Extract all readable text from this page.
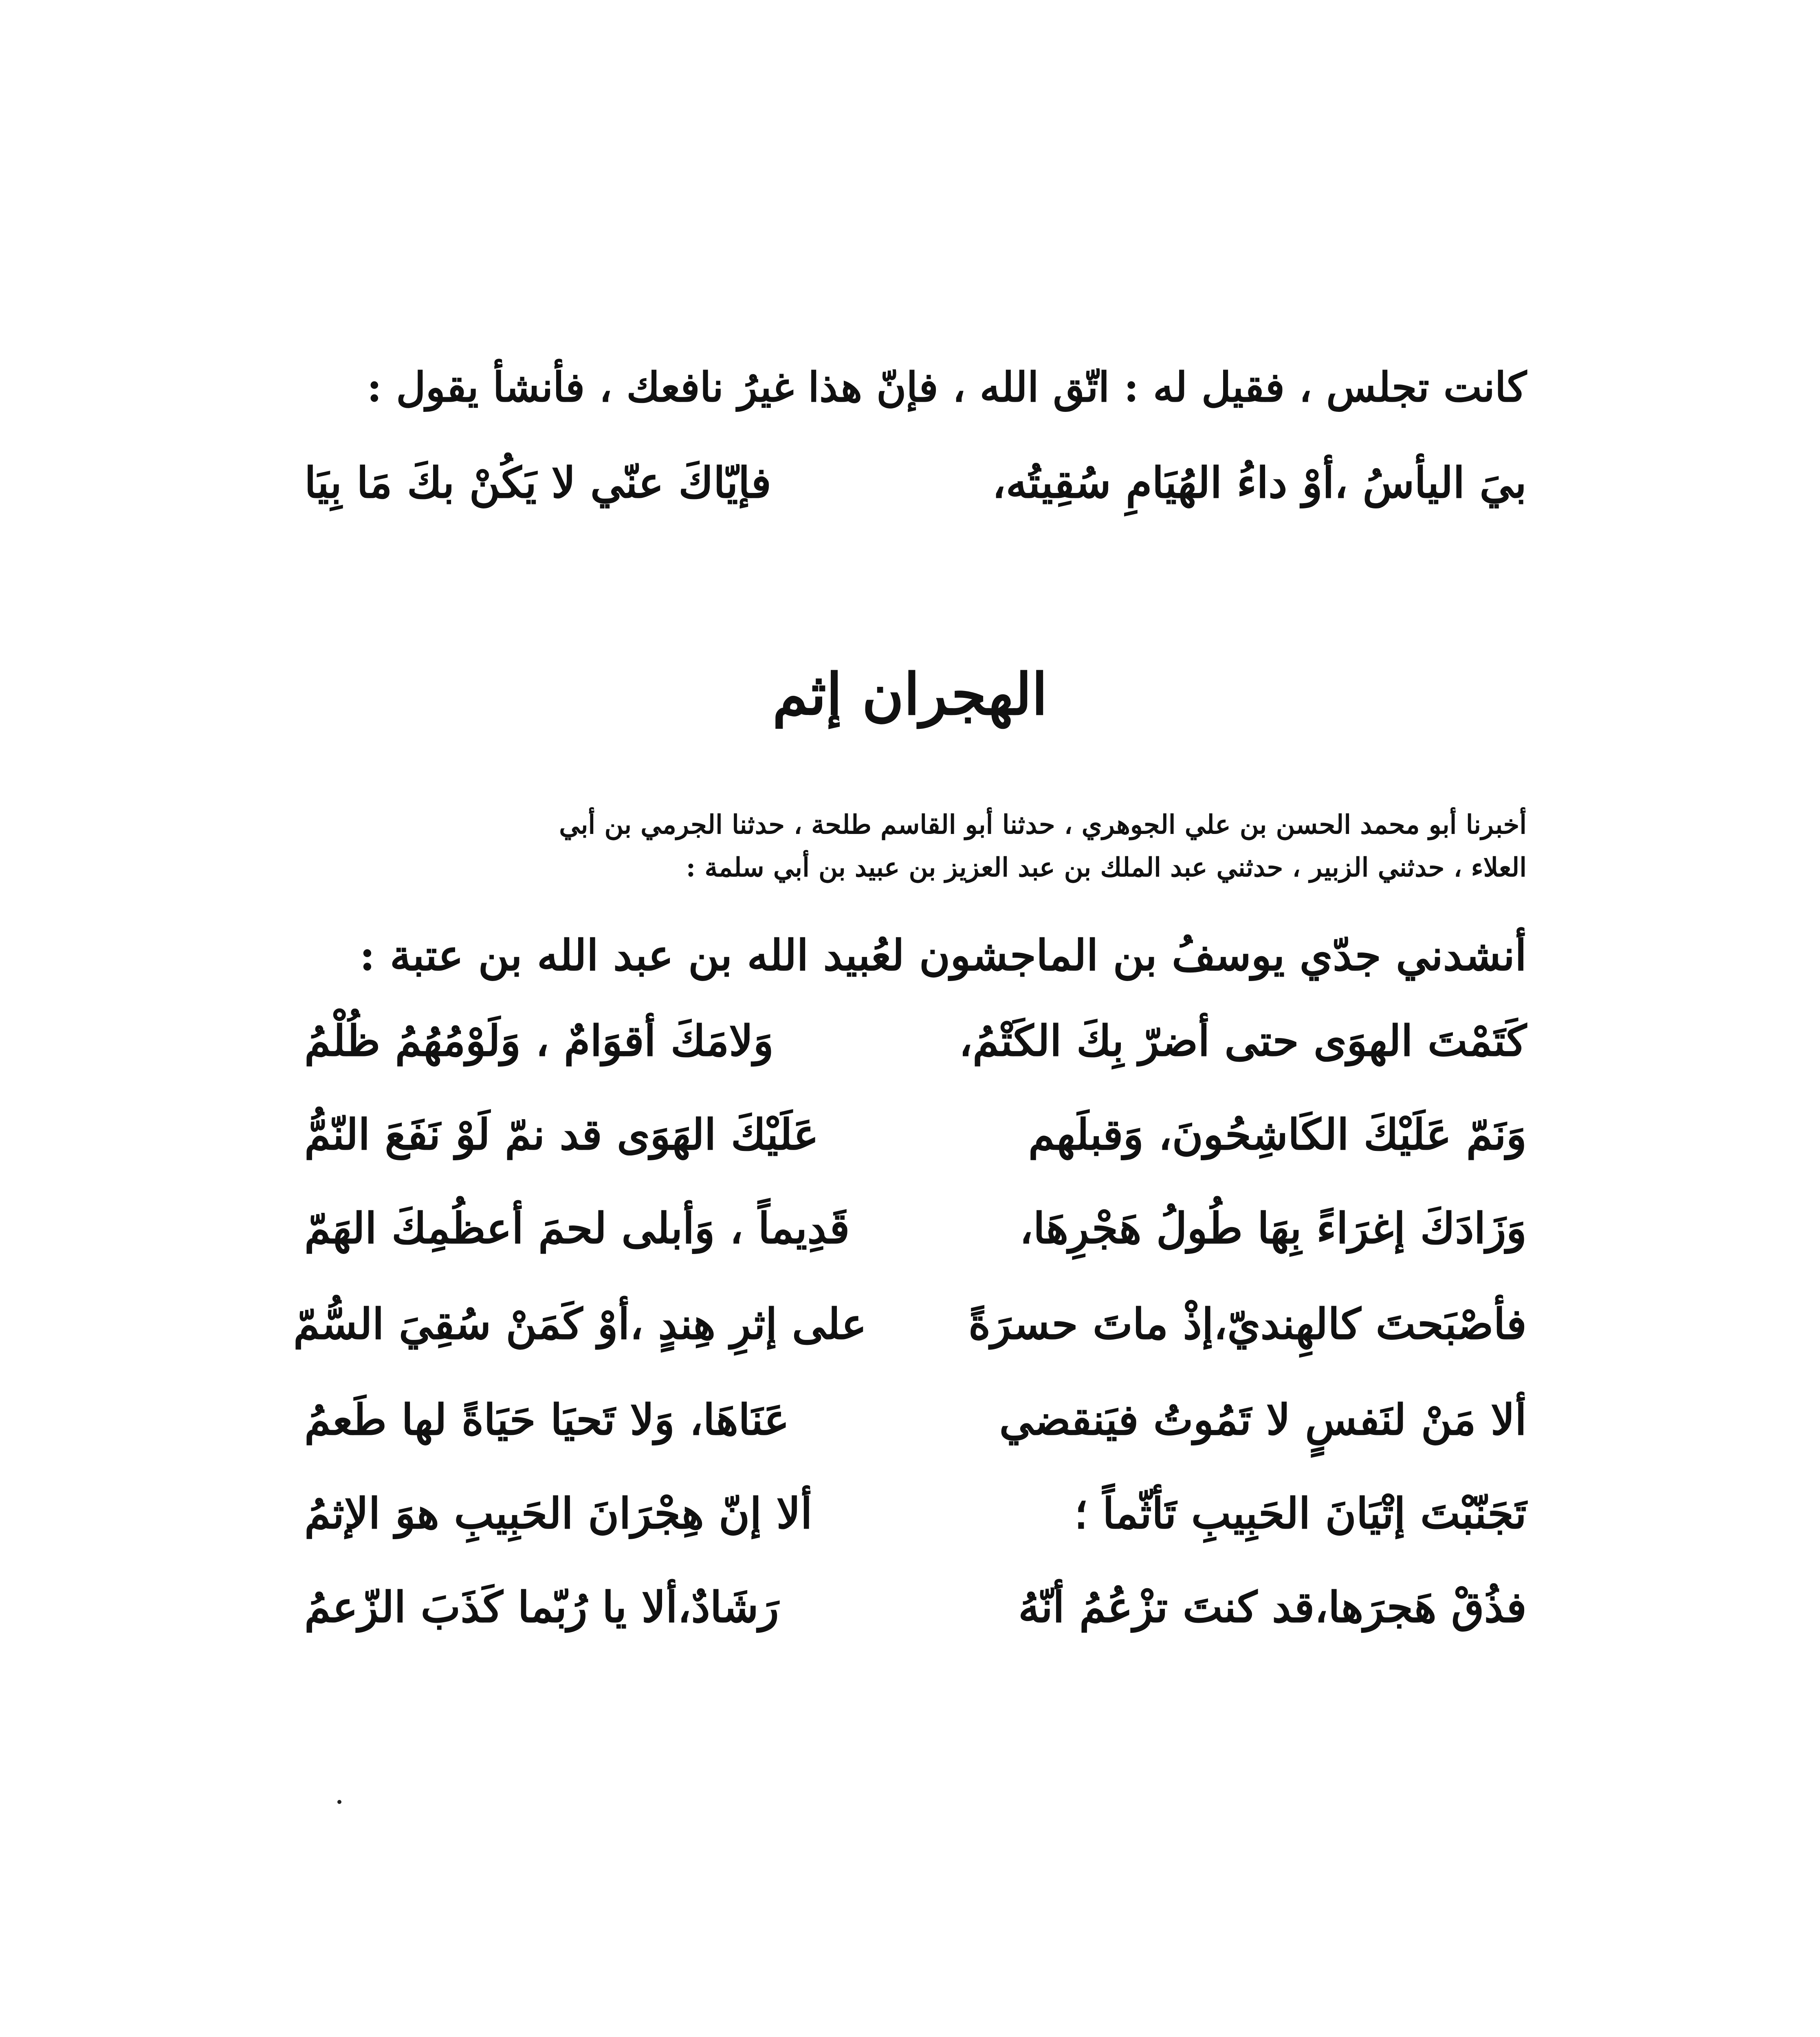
كانت تجلس ، فقيل له : اتّق الله ، فإنّ هذا غيرُ نافعك ، فأنشأ يقول :
بيَ اليأسُ ،أوْ داءُ الهُيَامِ سُقِيتُه،
فإيّاكَ عنّي لا يَكُنْ بكَ مَا بِيَا
الهجران إثم
أخبرنا أبو محمد الحسن بن علي الجوهري ، حدثنا أبو القاسم طلحة ، حدثنا الجرمي بن أبي
العلاء ، حدثني الزبير ، حدثني عبد الملك بن عبد العزيز بن عبيد بن أبي سلمة :
أنشدني جدّي يوسفُ بن الماجشون لعُبيد الله بن عبد الله بن عتبة :
كَتَمْتَ الهوَى حتى أضرّ بِكَ الكَتْمُ،
وَلامَكَ أقوَامٌ ، وَلَوْمُهُمُ ظُلْمُ
وَنَمّ عَلَيْكَ الكَاشِحُونَ، وَقبلَهم
عَلَيْكَ الهَوَى قد نمّ لَوْ نَفَعَ النّمُّ
وَزَادَكَ إغرَاءً بِهَا طُولُ هَجْرِهَا،
قَدِيماً ، وَأبلى لحمَ أعظُمِكَ الهَمّ
فأصْبَحتَ كالهِنديّ،إذْ ماتَ حسرَةً
على إثرِ هِندٍ ،أوْ كَمَنْ سُقِيَ السُّمّ
ألا مَنْ لنَفسٍ لا تَمُوتُ فيَنقضي
عَنَاهَا، وَلا تَحيَا حَيَاةً لها طَعمُ
تَجَنّبْتَ إتْيَانَ الحَبِيبِ تَأثّماً ؛
ألا إنّ هِجْرَانَ الحَبِيبِ هوَ الإثمُ
فذُقْ هَجرَها،قد كنتَ تزْعُمُ أنّهُ
رَشَادٌ،ألا يا رُبّما كَذَبَ الزّعمُ
